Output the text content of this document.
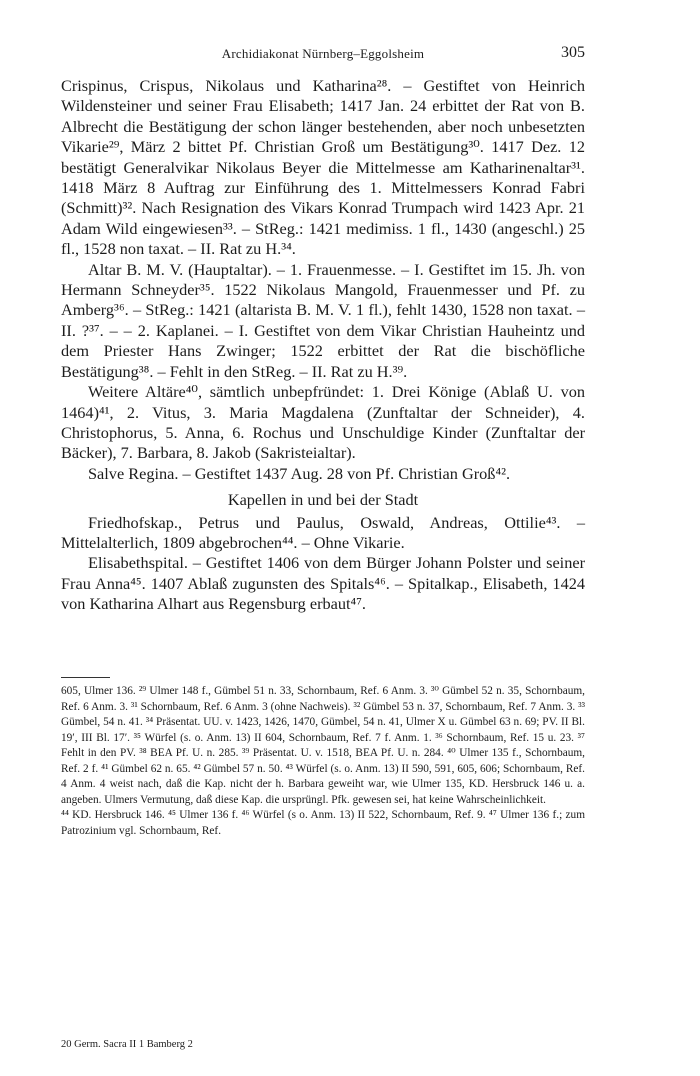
Archidiakonat Nürnberg–Eggolsheim	305

Crispinus, Crispus, Nikolaus und Katharina²⁸. – Gestiftet von Heinrich Wildensteiner und seiner Frau Elisabeth; 1417 Jan. 24 erbittet der Rat von B. Albrecht die Bestätigung der schon länger bestehenden, aber noch unbesetzten Vikarie²⁹, März 2 bittet Pf. Christian Groß um Bestätigung³⁰. 1417 Dez. 12 bestätigt Generalvikar Nikolaus Beyer die Mittelmesse am Katharinenaltar³¹. 1418 März 8 Auftrag zur Einführung des 1. Mittelmessers Konrad Fabri (Schmitt)³². Nach Resignation des Vikars Konrad Trumpach wird 1423 Apr. 21 Adam Wild eingewiesen³³. – StReg.: 1421 medimiss. 1 fl., 1430 (angeschl.) 25 fl., 1528 non taxat. – II. Rat zu H.³⁴.

Altar B. M. V. (Hauptaltar). – 1. Frauenmesse. – I. Gestiftet im 15. Jh. von Hermann Schneyder³⁵. 1522 Nikolaus Mangold, Frauenmesser und Pf. zu Amberg³⁶. – StReg.: 1421 (altarista B. M. V. 1 fl.), fehlt 1430, 1528 non taxat. – II. ?³⁷. – – 2. Kaplanei. – I. Gestiftet von dem Vikar Christian Hauheintz und dem Priester Hans Zwinger; 1522 erbittet der Rat die bischöfliche Bestätigung³⁸. – Fehlt in den StReg. – II. Rat zu H.³⁹.

Weitere Altäre⁴⁰, sämtlich unbepfründet: 1. Drei Könige (Ablaß U. von 1464)⁴¹, 2. Vitus, 3. Maria Magdalena (Zunftaltar der Schneider), 4. Christophorus, 5. Anna, 6. Rochus und Unschuldige Kinder (Zunftaltar der Bäcker), 7. Barbara, 8. Jakob (Sakristeialtar).

Salve Regina. – Gestiftet 1437 Aug. 28 von Pf. Christian Groß⁴².

Kapellen in und bei der Stadt

Friedhofskap., Petrus und Paulus, Oswald, Andreas, Ottilie⁴³. – Mittelalterlich, 1809 abgebrochen⁴⁴. – Ohne Vikarie.

Elisabethspital. – Gestiftet 1406 von dem Bürger Johann Polster und seiner Frau Anna⁴⁵. 1407 Ablaß zugunsten des Spitals⁴⁶. – Spitalkap., Elisabeth, 1424 von Katharina Alhart aus Regensburg erbaut⁴⁷.

605, Ulmer 136. ²⁹ Ulmer 148 f., Gümbel 51 n. 33, Schornbaum, Ref. 6 Anm. 3. ³⁰ Gümbel 52 n. 35, Schornbaum, Ref. 6 Anm. 3. ³¹ Schornbaum, Ref. 6 Anm. 3 (ohne Nachweis). ³² Gümbel 53 n. 37, Schornbaum, Ref. 7 Anm. 3. ³³ Gümbel, 54 n. 41. ³⁴ Präsentat. UU. v. 1423, 1426, 1470, Gümbel, 54 n. 41, Ulmer X u. Gümbel 63 n. 69; PV. II Bl. 19′, III Bl. 17′. ³⁵ Würfel (s. o. Anm. 13) II 604, Schornbaum, Ref. 7 f. Anm. 1. ³⁶ Schornbaum, Ref. 15 u. 23. ³⁷ Fehlt in den PV. ³⁸ BEA Pf. U. n. 285. ³⁹ Präsentat. U. v. 1518, BEA Pf. U. n. 284. ⁴⁰ Ulmer 135 f., Schornbaum, Ref. 2 f. ⁴¹ Gümbel 62 n. 65. ⁴² Gümbel 57 n. 50. ⁴³ Würfel (s. o. Anm. 13) II 590, 591, 605, 606; Schornbaum, Ref. 4 Anm. 4 weist nach, daß die Kap. nicht der h. Barbara geweiht war, wie Ulmer 135, KD. Hersbruck 146 u. a. angeben. Ulmers Vermutung, daß diese Kap. die ursprüngl. Pfk. gewesen sei, hat keine Wahrscheinlichkeit.

⁴⁴ KD. Hersbruck 146. ⁴⁵ Ulmer 136 f. ⁴⁶ Würfel (s o. Anm. 13) II 522, Schornbaum, Ref. 9. ⁴⁷ Ulmer 136 f.; zum Patrozinium vgl. Schornbaum, Ref.

20 Germ. Sacra II 1 Bamberg 2
